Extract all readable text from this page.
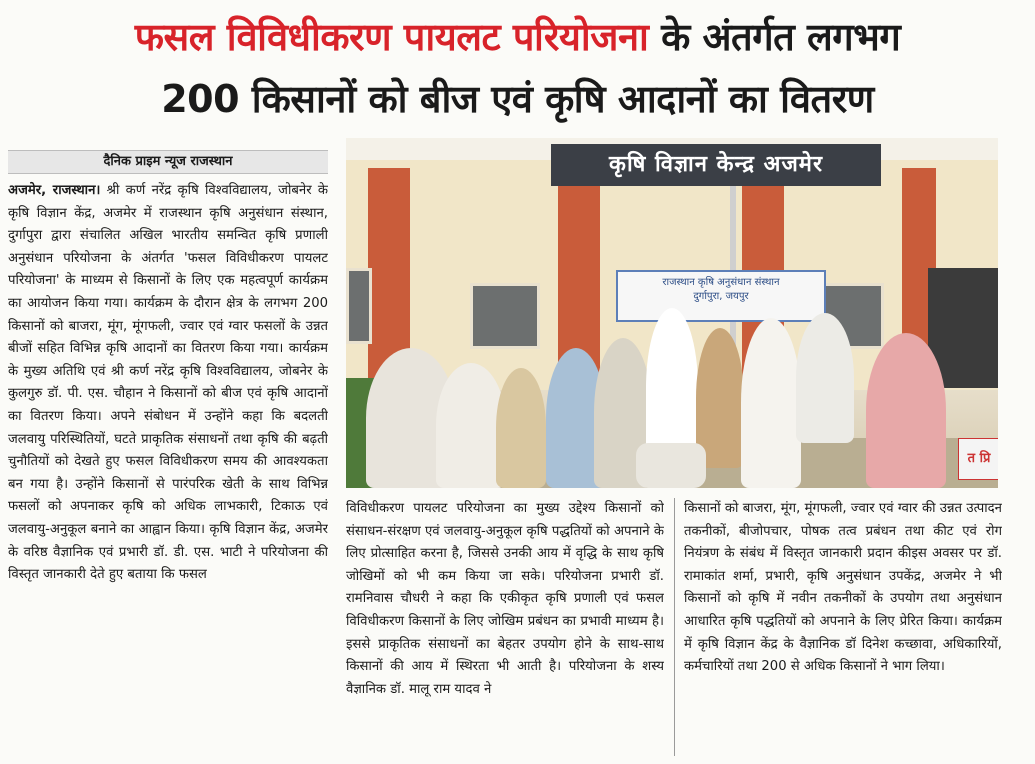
फसल विविधीकरण पायलट परियोजना के अंतर्गत लगभग
200 किसानों को बीज एवं कृषि आदानों का वितरण
दैनिक प्राइम न्यूज राजस्थान	कृषि विज्ञान केन्द्र अजमेर
राजस्थान कृषि अनुसंधान संस्थान
दुर्गापुरा, जयपुर
त प्रि
अजमेर, राजस्थान। श्री कर्ण नरेंद्र कृषि विश्वविद्यालय, जोबनेर के कृषि विज्ञान केंद्र, अजमेर में राजस्थान कृषि अनुसंधान संस्थान, दुर्गापुरा द्वारा संचालित अखिल भारतीय समन्वित कृषि प्रणाली अनुसंधान परियोजना के अंतर्गत 'फसल विविधीकरण पायलट परियोजना' के माध्यम से किसानों के लिए एक महत्वपूर्ण कार्यक्रम का आयोजन किया गया। कार्यक्रम के दौरान क्षेत्र के लगभग 200 किसानों को बाजरा, मूंग, मूंगफली, ज्वार एवं ग्वार फसलों के उन्नत बीजों सहित विभिन्न कृषि आदानों का वितरण किया गया। कार्यक्रम के मुख्य अतिथि एवं श्री कर्ण नरेंद्र कृषि विश्वविद्यालय, जोबनेर के कुलगुरु डॉ. पी. एस. चौहान ने किसानों को बीज एवं कृषि आदानों का वितरण किया। अपने संबोधन में उन्होंने कहा कि बदलती जलवायु परिस्थितियों, घटते प्राकृतिक संसाधनों तथा कृषि की बढ़ती चुनौतियों को देखते हुए फसल विविधीकरण समय की आवश्यकता बन गया है। उन्होंने किसानों से पारंपरिक खेती के साथ विभिन्न फसलों को अपनाकर कृषि को अधिक लाभकारी, टिकाऊ एवं जलवायु-अनुकूल बनाने का आह्वान किया। कृषि विज्ञान केंद्र, अजमेर के वरिष्ठ वैज्ञानिक एवं प्रभारी डॉ. डी. एस. भाटी ने परियोजना की विस्तृत जानकारी देते हुए बताया कि फसल
विविधीकरण पायलट परियोजना का मुख्य उद्देश्य किसानों को संसाधन-संरक्षण एवं जलवायु-अनुकूल कृषि पद्धतियों को अपनाने के लिए प्रोत्साहित करना है, जिससे उनकी आय में वृद्धि के साथ कृषि जोखिमों को भी कम किया जा सके। परियोजना प्रभारी डॉ. रामनिवास चौधरी ने कहा कि एकीकृत कृषि प्रणाली एवं फसल विविधीकरण किसानों के लिए जोखिम प्रबंधन का प्रभावी माध्यम है। इससे प्राकृतिक संसाधनों का बेहतर उपयोग होने के साथ-साथ किसानों की आय में स्थिरता भी आती है। परियोजना के शस्य वैज्ञानिक डॉ. मालू राम यादव ने
किसानों को बाजरा, मूंग, मूंगफली, ज्वार एवं ग्वार की उन्नत उत्पादन तकनीकों, बीजोपचार, पोषक तत्व प्रबंधन तथा कीट एवं रोग नियंत्रण के संबंध में विस्तृत जानकारी प्रदान कीइस अवसर पर डॉ. रामाकांत शर्मा, प्रभारी, कृषि अनुसंधान उपकेंद्र, अजमेर ने भी किसानों को कृषि में नवीन तकनीकों के उपयोग तथा अनुसंधान आधारित कृषि पद्धतियों को अपनाने के लिए प्रेरित किया। कार्यक्रम में कृषि विज्ञान केंद्र के वैज्ञानिक डॉ दिनेश कच्छावा, अधिकारियों, कर्मचारियों तथा 200 से अधिक किसानों ने भाग लिया।
